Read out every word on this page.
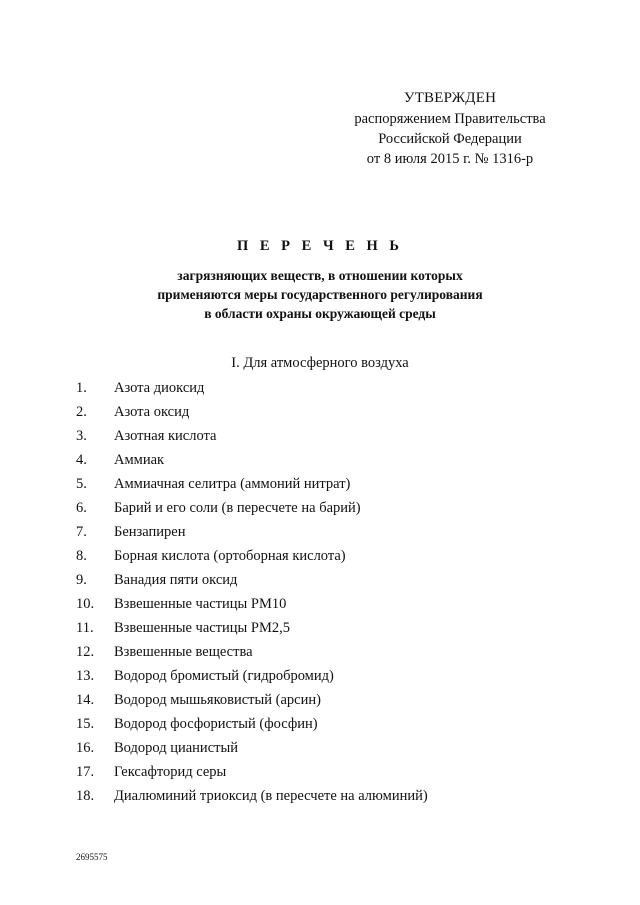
УТВЕРЖДЕН
распоряжением Правительства
Российской Федерации
от 8 июля 2015 г. № 1316-р
П Е Р Е Ч Е Н Ь
загрязняющих веществ, в отношении которых
применяются меры государственного регулирования
в области охраны окружающей среды
I. Для атмосферного воздуха
1. Азота диоксид
2. Азота оксид
3. Азотная кислота
4. Аммиак
5. Аммиачная селитра (аммоний нитрат)
6. Барий и его соли (в пересчете на барий)
7. Бензапирен
8. Борная кислота (ортоборная кислота)
9. Ванадия пяти оксид
10. Взвешенные частицы PM10
11. Взвешенные частицы PM2,5
12. Взвешенные вещества
13. Водород бромистый (гидробромид)
14. Водород мышьяковистый (арсин)
15. Водород фосфористый (фосфин)
16. Водород цианистый
17. Гексафторид серы
18. Диалюминий триоксид (в пересчете на алюминий)
2695575
